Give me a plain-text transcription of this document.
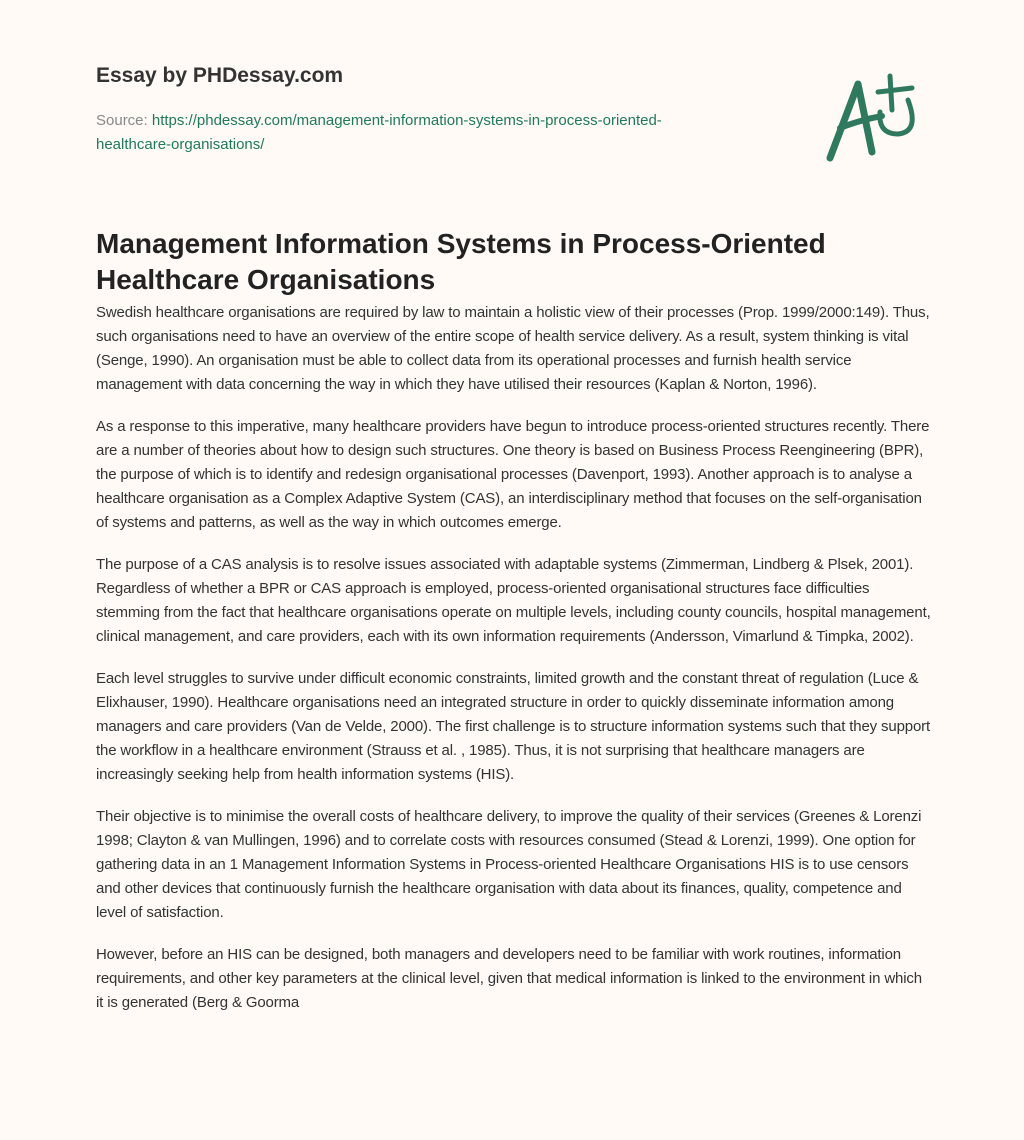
Essay by PHDessay.com
Source: https://phdessay.com/management-information-systems-in-process-oriented-healthcare-organisations/
Management Information Systems in Process-Oriented Healthcare Organisations

Swedish healthcare organisations are required by law to maintain a holistic view of their processes (Prop. 1999/2000:149). Thus, such organisations need to have an overview of the entire scope of health service delivery. As a result, system thinking is vital (Senge, 1990). An organisation must be able to collect data from its operational processes and furnish health service management with data concerning the way in which they have utilised their resources (Kaplan & Norton, 1996).

As a response to this imperative, many healthcare providers have begun to introduce process-oriented structures recently. There are a number of theories about how to design such structures. One theory is based on Business Process Reengineering (BPR), the purpose of which is to identify and redesign organisational processes (Davenport, 1993). Another approach is to analyse a healthcare organisation as a Complex Adaptive System (CAS), an interdisciplinary method that focuses on the self-organisation of systems and patterns, as well as the way in which outcomes emerge.

The purpose of a CAS analysis is to resolve issues associated with adaptable systems (Zimmerman, Lindberg & Plsek, 2001). Regardless of whether a BPR or CAS approach is employed, process-oriented organisational structures face difficulties stemming from the fact that healthcare organisations operate on multiple levels, including county councils, hospital management, clinical management, and care providers, each with its own information requirements (Andersson, Vimarlund & Timpka, 2002).

Each level struggles to survive under difficult economic constraints, limited growth and the constant threat of regulation (Luce & Elixhauser, 1990). Healthcare organisations need an integrated structure in order to quickly disseminate information among managers and care providers (Van de Velde, 2000). The first challenge is to structure information systems such that they support the workflow in a healthcare environment (Strauss et al. , 1985). Thus, it is not surprising that healthcare managers are increasingly seeking help from health information systems (HIS).

Their objective is to minimise the overall costs of healthcare delivery, to improve the quality of their services (Greenes & Lorenzi 1998; Clayton & van Mullingen, 1996) and to correlate costs with resources consumed (Stead & Lorenzi, 1999). One option for gathering data in an 1 Management Information Systems in Process-oriented Healthcare Organisations HIS is to use censors and other devices that continuously furnish the healthcare organisation with data about its finances, quality, competence and level of satisfaction.

However, before an HIS can be designed, both managers and developers need to be familiar with work routines, information requirements, and other key parameters at the clinical level, given that medical information is linked to the environment in which it is generated (Berg & Goorma
